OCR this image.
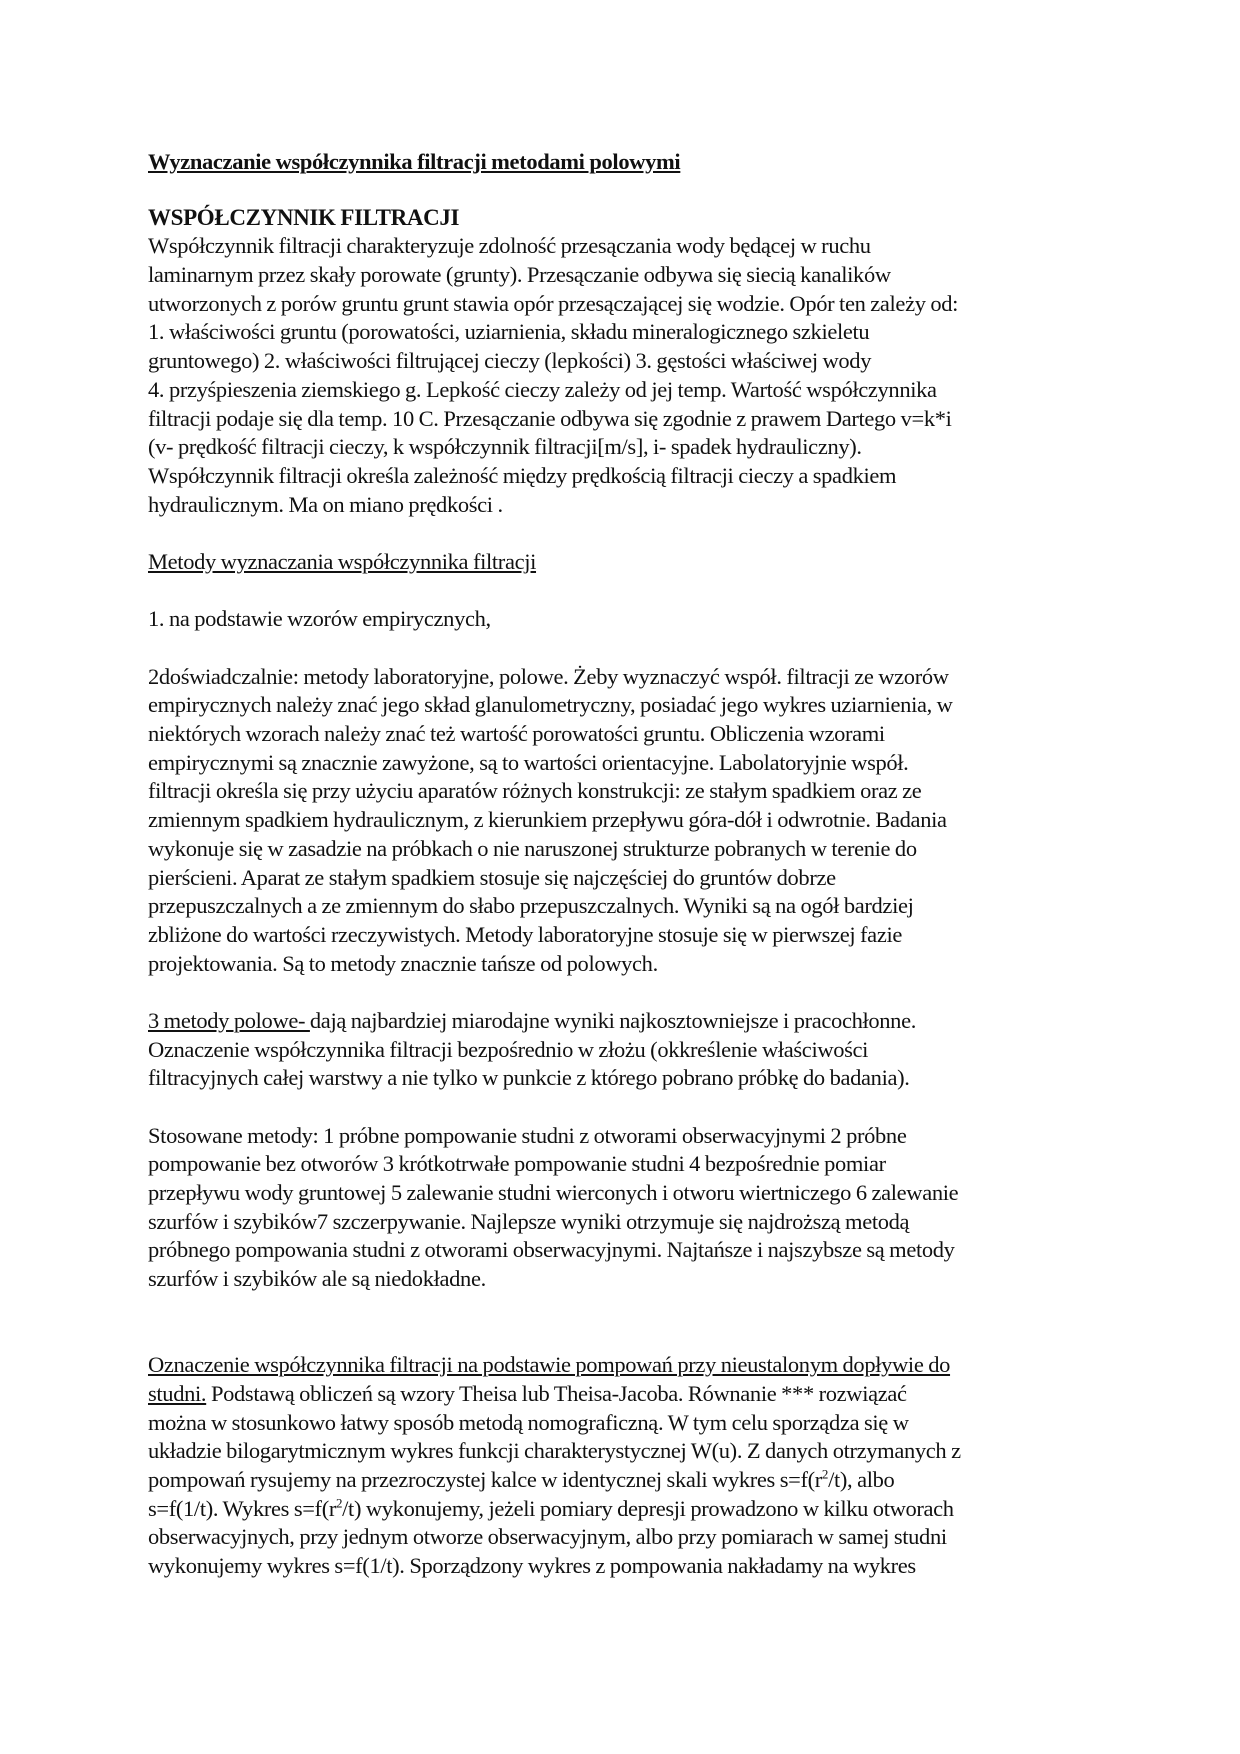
Wyznaczanie współczynnika filtracji metodami polowymi
WSPÓŁCZYNNIK FILTRACJI
Współczynnik filtracji charakteryzuje zdolność przesączania wody będącej w ruchu
laminarnym przez skały porowate (grunty). Przesączanie odbywa się siecią kanalików
utworzonych z porów gruntu grunt stawia opór przesączającej się wodzie. Opór ten zależy od:
1. właściwości gruntu (porowatości, uziarnienia, składu mineralogicznego szkieletu
gruntowego) 2. właściwości filtrującej cieczy (lepkości) 3. gęstości właściwej wody
4. przyśpieszenia ziemskiego g. Lepkość cieczy zależy od jej temp. Wartość współczynnika
filtracji podaje się dla temp. 10 C. Przesączanie odbywa się zgodnie z prawem Dartego v=k*i
(v- prędkość filtracji cieczy, k współczynnik filtracji[m/s], i- spadek hydrauliczny).
Współczynnik filtracji określa zależność między prędkością filtracji cieczy a spadkiem
hydraulicznym. Ma on miano prędkości .
Metody wyznaczania współczynnika filtracji
1. na podstawie wzorów empirycznych,
2doświadczalnie: metody laboratoryjne, polowe. Żeby wyznaczyć współ. filtracji ze wzorów
empirycznych należy znać jego skład glanulometryczny, posiadać jego wykres uziarnienia, w
niektórych wzorach należy znać też wartość porowatości gruntu. Obliczenia wzorami
empirycznymi są znacznie zawyżone, są to wartości orientacyjne. Labolatoryjnie współ.
filtracji określa się przy użyciu aparatów różnych konstrukcji: ze stałym spadkiem oraz ze
zmiennym spadkiem hydraulicznym, z kierunkiem przepływu góra-dół i odwrotnie. Badania
wykonuje się w zasadzie na próbkach o nie naruszonej strukturze pobranych w terenie do
pierścieni. Aparat ze stałym spadkiem stosuje się najczęściej do gruntów dobrze
przepuszczalnych a ze zmiennym do słabo przepuszczalnych. Wyniki są na ogół bardziej
zbliżone do wartości rzeczywistych. Metody laboratoryjne stosuje się w pierwszej fazie
projektowania. Są to metody znacznie tańsze od polowych.
3 metody polowe- dają najbardziej miarodajne wyniki najkosztowniejsze i pracochłonne.
Oznaczenie współczynnika filtracji bezpośrednio w złożu (okkreślenie właściwości
filtracyjnych całej warstwy a nie tylko w punkcie z którego pobrano próbkę do badania).
Stosowane metody: 1 próbne pompowanie studni z otworami obserwacyjnymi 2 próbne
pompowanie bez otworów 3 krótkotrwałe pompowanie studni 4 bezpośrednie pomiar
przepływu wody gruntowej 5 zalewanie studni wierconych i otworu wiertniczego 6 zalewanie
szurfów i szybików7 szczerpywanie. Najlepsze wyniki otrzymuje się najdroższą metodą
próbnego pompowania studni z otworami obserwacyjnymi. Najtańsze i najszybsze są metody
szurfów i szybików ale są niedokładne.
Oznaczenie współczynnika filtracji na podstawie pompowań przy nieustalonym dopływie do
studni. Podstawą obliczeń są wzory Theisa lub Theisa-Jacoba. Równanie *** rozwiązać
można w stosunkowo łatwy sposób metodą nomograficzną. W tym celu sporządza się w
układzie bilogarytmicznym wykres funkcji charakterystycznej W(u). Z danych otrzymanych z
pompowań rysujemy na przezroczystej kalce w identycznej skali wykres $s=f(r^2/t)$, albo
s=f(1/t). Wykres $s=f(r^2/t)$ wykonujemy, jeżeli pomiary depresji prowadzono w kilku otworach
obserwacyjnych, przy jednym otworze obserwacyjnym, albo przy pomiarach w samej studni
wykonujemy wykres s=f(1/t). Sporządzony wykres z pompowania nakładamy na wykres
